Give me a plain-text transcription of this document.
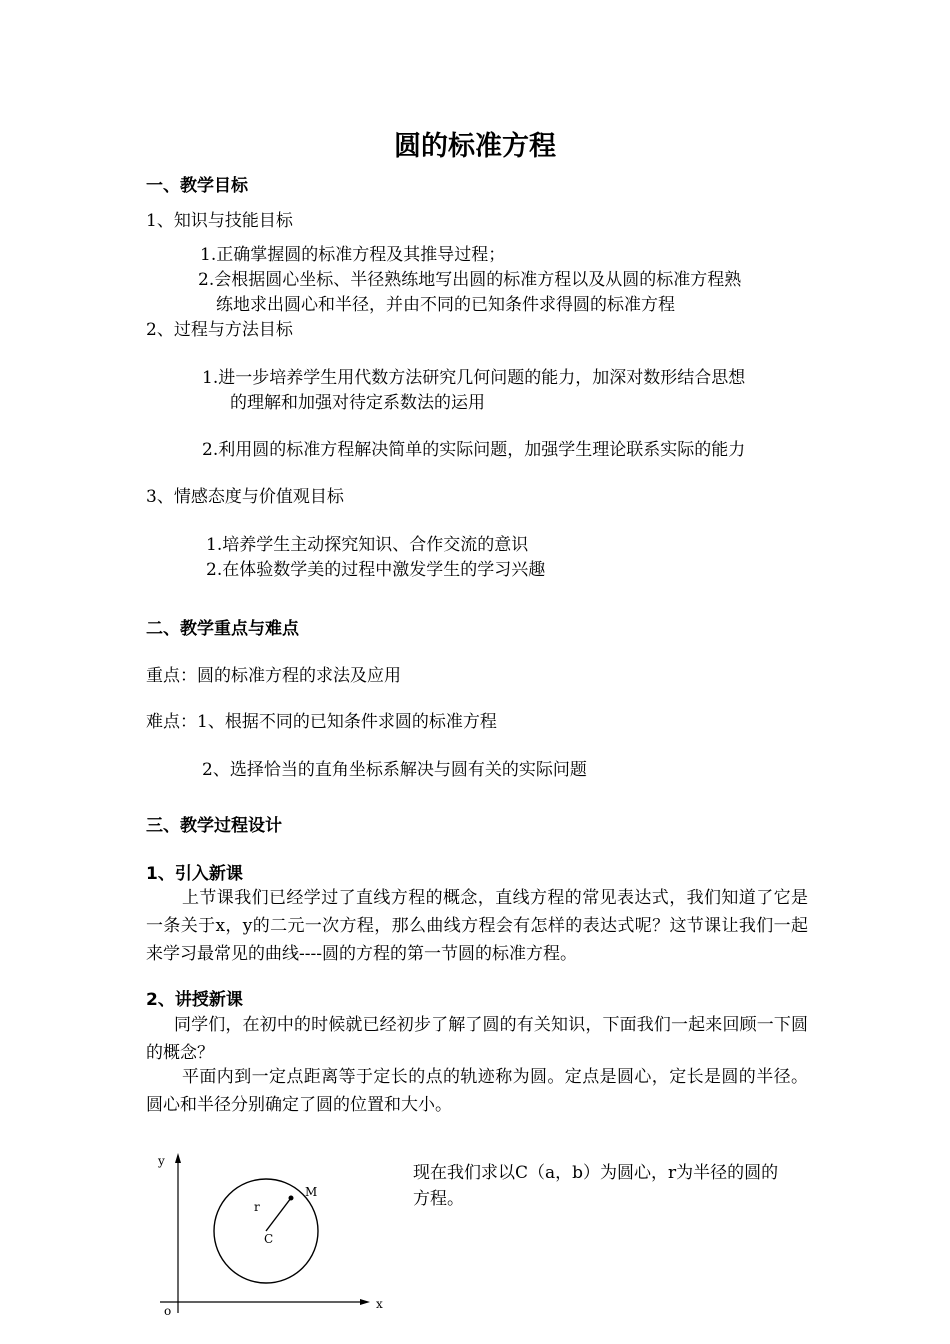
圆的标准方程
一、教学目标
1、知识与技能目标
1.正确掌握圆的标准方程及其推导过程；
2.会根据圆心坐标、半径熟练地写出圆的标准方程以及从圆的标准方程熟
练地求出圆心和半径，并由不同的已知条件求得圆的标准方程
2、过程与方法目标
1.进一步培养学生用代数方法研究几何问题的能力，加深对数形结合思想
的理解和加强对待定系数法的运用
2.利用圆的标准方程解决简单的实际问题，加强学生理论联系实际的能力
3、情感态度与价值观目标
1.培养学生主动探究知识、合作交流的意识
2.在体验数学美的过程中激发学生的学习兴趣
二、教学重点与难点
重点：圆的标准方程的求法及应用
难点：1、根据不同的已知条件求圆的标准方程
2、选择恰当的直角坐标系解决与圆有关的实际问题
三、教学过程设计
1、引入新课
上节课我们已经学过了直线方程的概念，直线方程的常见表达式，我们知道了它是一条关于x，y的二元一次方程，那么曲线方程会有怎样的表达式呢？这节课让我们一起来学习最常见的曲线----圆的方程的第一节圆的标准方程。
2、讲授新课
同学们，在初中的时候就已经初步了解了圆的有关知识，下面我们一起来回顾一下圆的概念？
平面内到一定点距离等于定长的点的轨迹称为圆。定点是圆心，定长是圆的半径。圆心和半径分别确定了圆的位置和大小。
y
x
o
r
C
M
现在我们求以C（a，b）为圆心，r为半径的圆的
方程。
